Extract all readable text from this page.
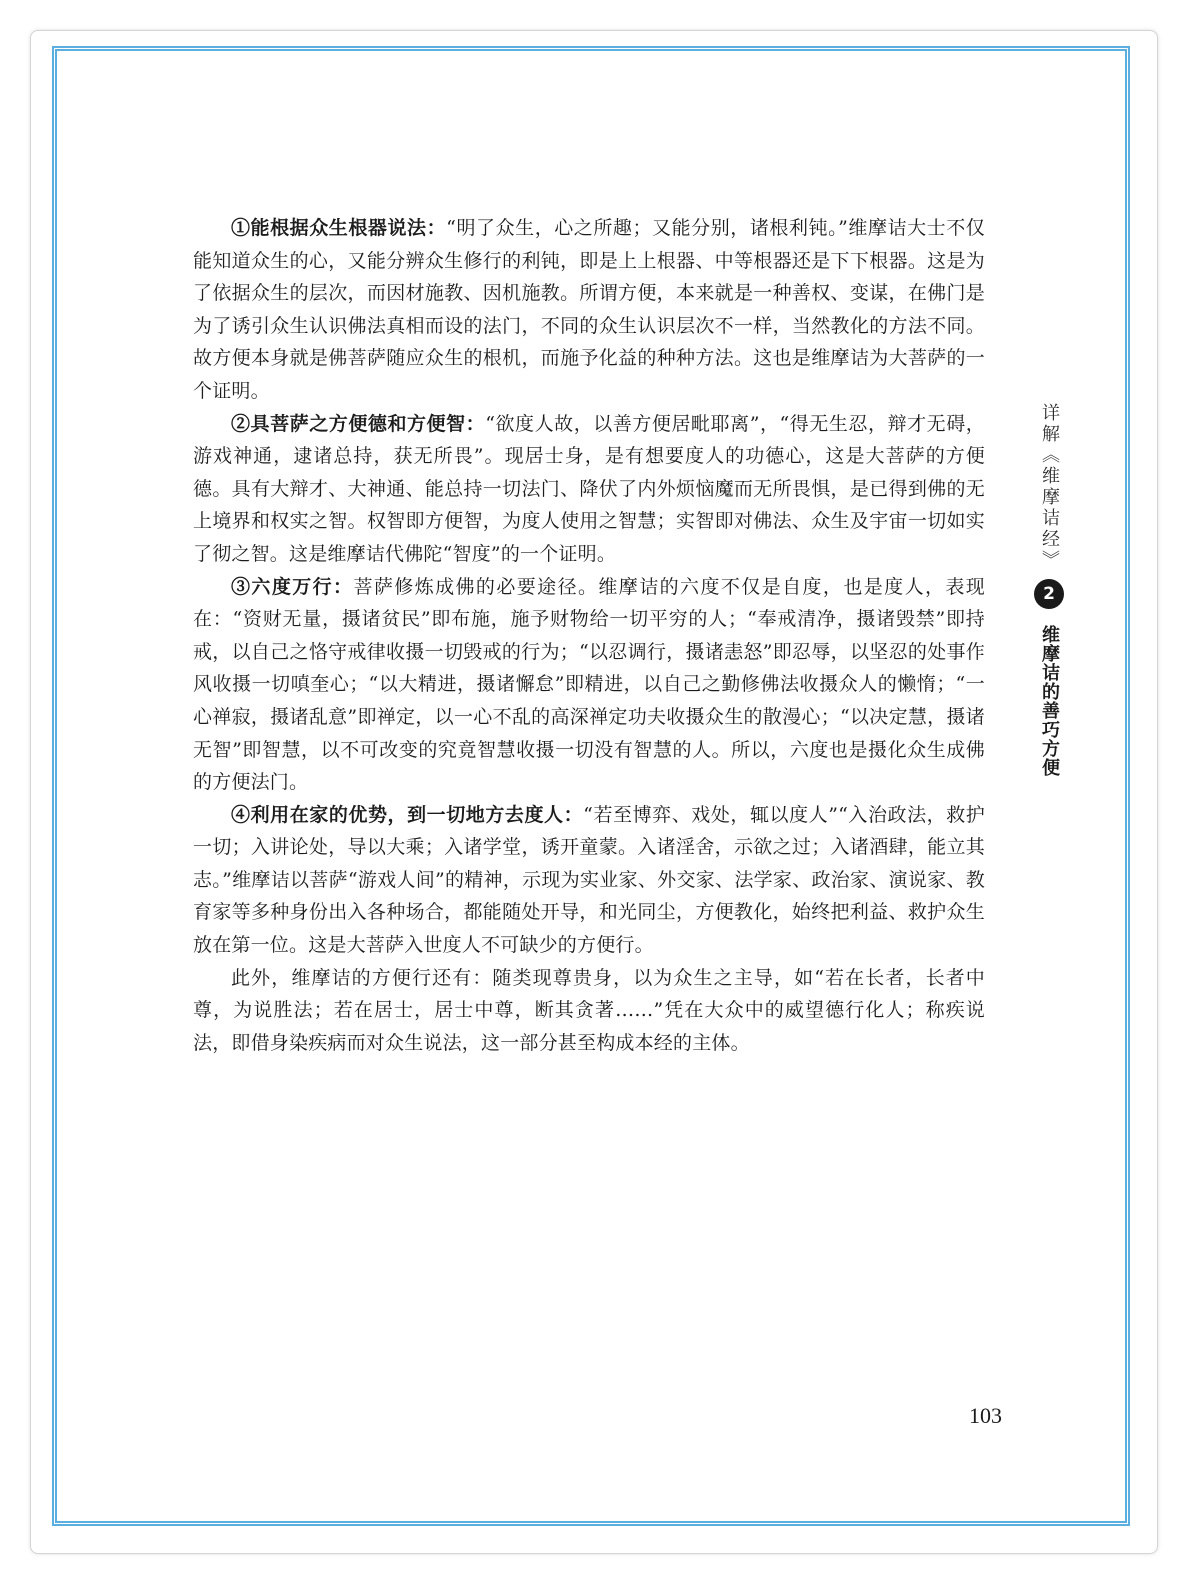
①能根据众生根器说法：“明了众生，心之所趣；又能分别，诸根利钝。”维摩诘大士不仅能知道众生的心，又能分辨众生修行的利钝，即是上上根器、中等根器还是下下根器。这是为了依据众生的层次，而因材施教、因机施教。所谓方便，本来就是一种善权、变谋，在佛门是为了诱引众生认识佛法真相而设的法门，不同的众生认识层次不一样，当然教化的方法不同。故方便本身就是佛菩萨随应众生的根机，而施予化益的种种方法。这也是维摩诘为大菩萨的一个证明。

②具菩萨之方便德和方便智：“欲度人故，以善方便居毗耶离”，“得无生忍，辩才无碍，游戏神通，逮诸总持，获无所畏”。现居士身，是有想要度人的功德心，这是大菩萨的方便德。具有大辩才、大神通、能总持一切法门、降伏了内外烦恼魔而无所畏惧，是已得到佛的无上境界和权实之智。权智即方便智，为度人使用之智慧；实智即对佛法、众生及宇宙一切如实了彻之智。这是维摩诘代佛陀“智度”的一个证明。

③六度万行：菩萨修炼成佛的必要途径。维摩诘的六度不仅是自度，也是度人，表现在：“资财无量，摄诸贫民”即布施，施予财物给一切平穷的人；“奉戒清净，摄诸毁禁”即持戒，以自己之恪守戒律收摄一切毁戒的行为；“以忍调行，摄诸恚怒”即忍辱，以坚忍的处事作风收摄一切嗔奎心；“以大精进，摄诸懈怠”即精进，以自己之勤修佛法收摄众人的懒惰；“一心禅寂，摄诸乱意”即禅定，以一心不乱的高深禅定功夫收摄众生的散漫心；“以决定慧，摄诸无智”即智慧，以不可改变的究竟智慧收摄一切没有智慧的人。所以，六度也是摄化众生成佛的方便法门。

④利用在家的优势，到一切地方去度人：“若至博弈、戏处，辄以度人”“入治政法，救护一切；入讲论处，导以大乘；入诸学堂，诱开童蒙。入诸淫舍，示欲之过；入诸酒肆，能立其志。”维摩诘以菩萨“游戏人间”的精神，示现为实业家、外交家、法学家、政治家、演说家、教育家等多种身份出入各种场合，都能随处开导，和光同尘，方便教化，始终把利益、救护众生放在第一位。这是大菩萨入世度人不可缺少的方便行。

此外，维摩诘的方便行还有：随类现尊贵身，以为众生之主导，如“若在长者，长者中尊，为说胜法；若在居士，居士中尊，断其贪著……”凭在大众中的威望德行化人；称疾说法，即借身染疾病而对众生说法，这一部分甚至构成本经的主体。

详解《维摩诘经》
2
维摩诘的善巧方便
103
